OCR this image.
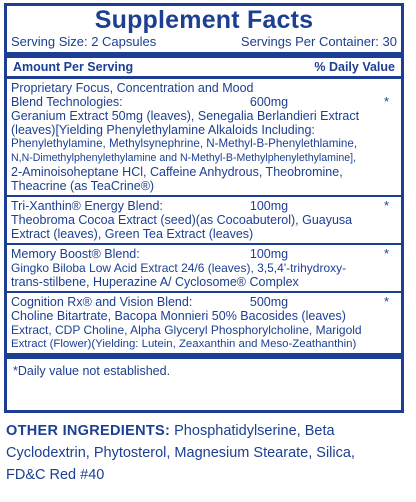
Supplement Facts
Serving Size: 2 Capsules	Servings Per Container: 30
Amount Per Serving	% Daily Value
Proprietary Focus, Concentration and Mood
Blend Technologies:	600mg	*
Geranium Extract 50mg (leaves), Senegalia Berlandieri Extract
(leaves)[Yielding Phenylethylamine Alkaloids Including:
Phenylethylamine, Methylsynephrine, N-Methyl-B-Phenylethlamine,
N,N-Dimethylphenylethylamine and N-Methyl-B-Methylphenylethylamine],
2-Aminoisoheptane HCl, Caffeine Anhydrous, Theobromine,
Theacrine (as TeaCrine®)
Tri-Xanthin® Energy Blend:	100mg	*
Theobroma Cocoa Extract (seed)(as Cocoabuterol), Guayusa
Extract (leaves), Green Tea Extract (leaves)
Memory Boost® Blend:	100mg	*
Gingko Biloba Low Acid Extract 24/6 (leaves), 3,5,4'-trihydroxy-
trans-stilbene, Huperazine A/ Cyclosome® Complex
Cognition Rx® and Vision Blend:	500mg	*
Choline Bitartrate, Bacopa Monnieri 50% Bacosides (leaves)
Extract, CDP Choline, Alpha Glyceryl Phosphorylcholine, Marigold
Extract (Flower)(Yielding: Lutein, Zeaxanthin and Meso-Zeathanthin)
*Daily value not established.
OTHER INGREDIENTS: Phosphatidylserine, Beta
Cyclodextrin, Phytosterol, Magnesium Stearate, Silica,
FD&C Red #40
